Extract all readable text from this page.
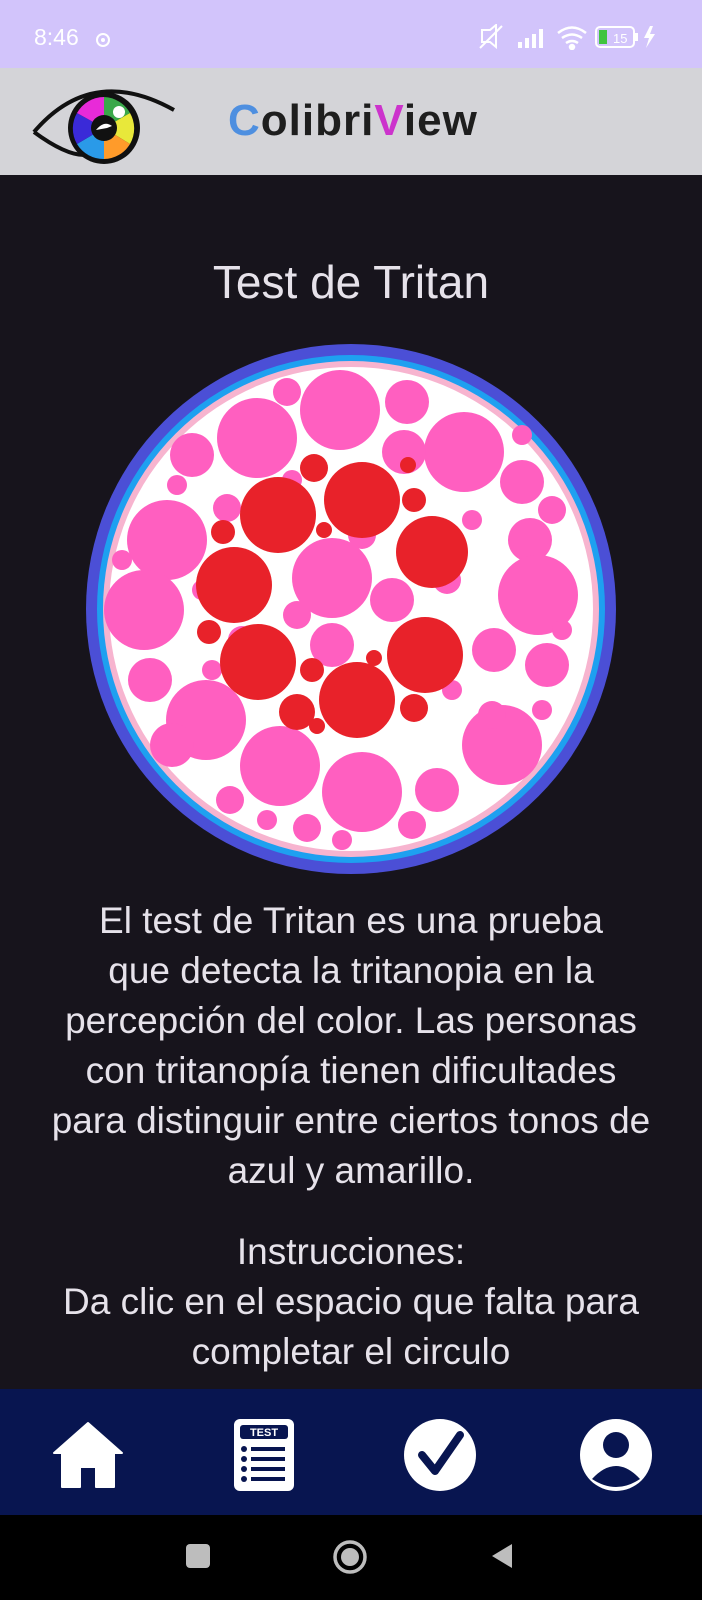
8:46	15
ColibriView
Test de Tritan

El test de Tritan es una prueba

que detecta la tritanopia en la

percepción del color. Las personas

con tritanopía tienen dificultades

para distinguir entre ciertos tonos de

azul y amarillo.

Instrucciones:
Da clic en el espacio que falta para
completar el circulo
TEST
